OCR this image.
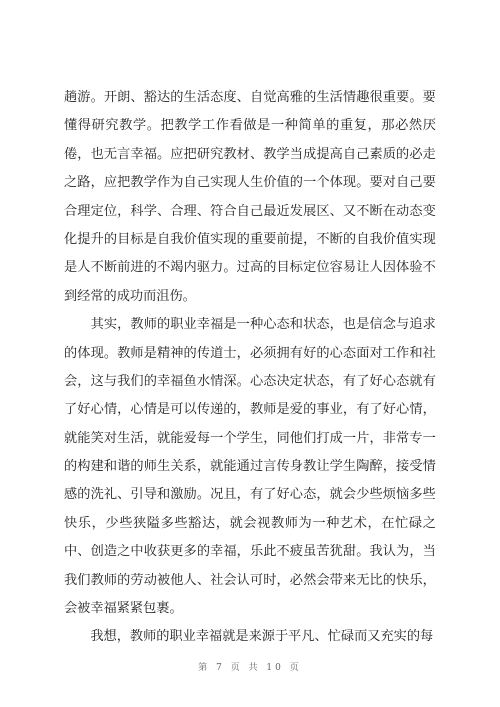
趟 游 。 开 朗 、 豁 达 的 生 活 态 度 、 自 觉 高 雅 的 生 活 情 趣 很 重 要 。 要
懂 得 研 究 教 学 。 把 教 学 工 作 看 做 是 一 种 简 单 的 重 复 ， 那 必 然 厌
倦 ， 也 无 言 幸 福 。 应 把 研 究 教 材 、 教 学 当 成 提 高 自 己 素 质 的 必 走
之 路 ， 应 把 教 学 作 为 自 己 实 现 人 生 价 值 的 一 个 体 现 。 要 对 自 己 要
合 理 定 位 ， 科 学 、 合 理 、 符 合 自 己 最 近 发 展 区 、 又 不 断 在 动 态 变
化 提 升 的 目 标 是 自 我 价 值 实 现 的 重 要 前 提 ， 不 断 的 自 我 价 值 实 现
是 人 不 断 前 进 的 不 竭 内 驱 力 。 过 高 的 目 标 定 位 容 易 让 人 因 体 验 不
到经常的成功而沮伤。

其 实 ， 教 师 的 职 业 幸 福 是 一 种 心 态 和 状 态 ， 也 是 信 念 与 追 求
的 体 现 。 教 师 是 精 神 的 传 道 士 ， 必 须 拥 有 好 的 心 态 面 对 工 作 和 社
会 ， 这 与 我 们 的 幸 福 鱼 水 情 深 。 心 态 决 定 状 态 ， 有 了 好 心 态 就 有
了 好 心 情 ， 心 情 是 可 以 传 递 的 ， 教 师 是 爱 的 事 业 ， 有 了 好 心 情 ，
就 能 笑 对 生 活 ， 就 能 爱 每 一 个 学 生 ， 同 他 们 打 成 一 片 ， 非 常 专 一
的 构 建 和 谐 的 师 生 关 系 ， 就 能 通 过 言 传 身 教 让 学 生 陶 醉 ， 接 受 情
感 的 洗 礼 、 引 导 和 激 励 。 况 且 ， 有 了 好 心 态 ， 就 会 少 些 烦 恼 多 些
快 乐 ， 少 些 狭 隘 多 些 豁 达 ， 就 会 视 教 师 为 一 种 艺 术 ， 在 忙 碌 之
中 、 创 造 之 中 收 获 更 多 的 幸 福 ， 乐 此 不 疲 虽 苦 犹 甜 。 我 认 为 ， 当
我 们 教 师 的 劳 动 被 他 人 、 社 会 认 可 时 ， 必 然 会 带 来 无 比 的 快 乐 ，
会被幸福紧紧包裹。
　　我想，教师的职业幸福就是来源于平凡、忙碌而又充实的每
第 7 页 共 10 页
